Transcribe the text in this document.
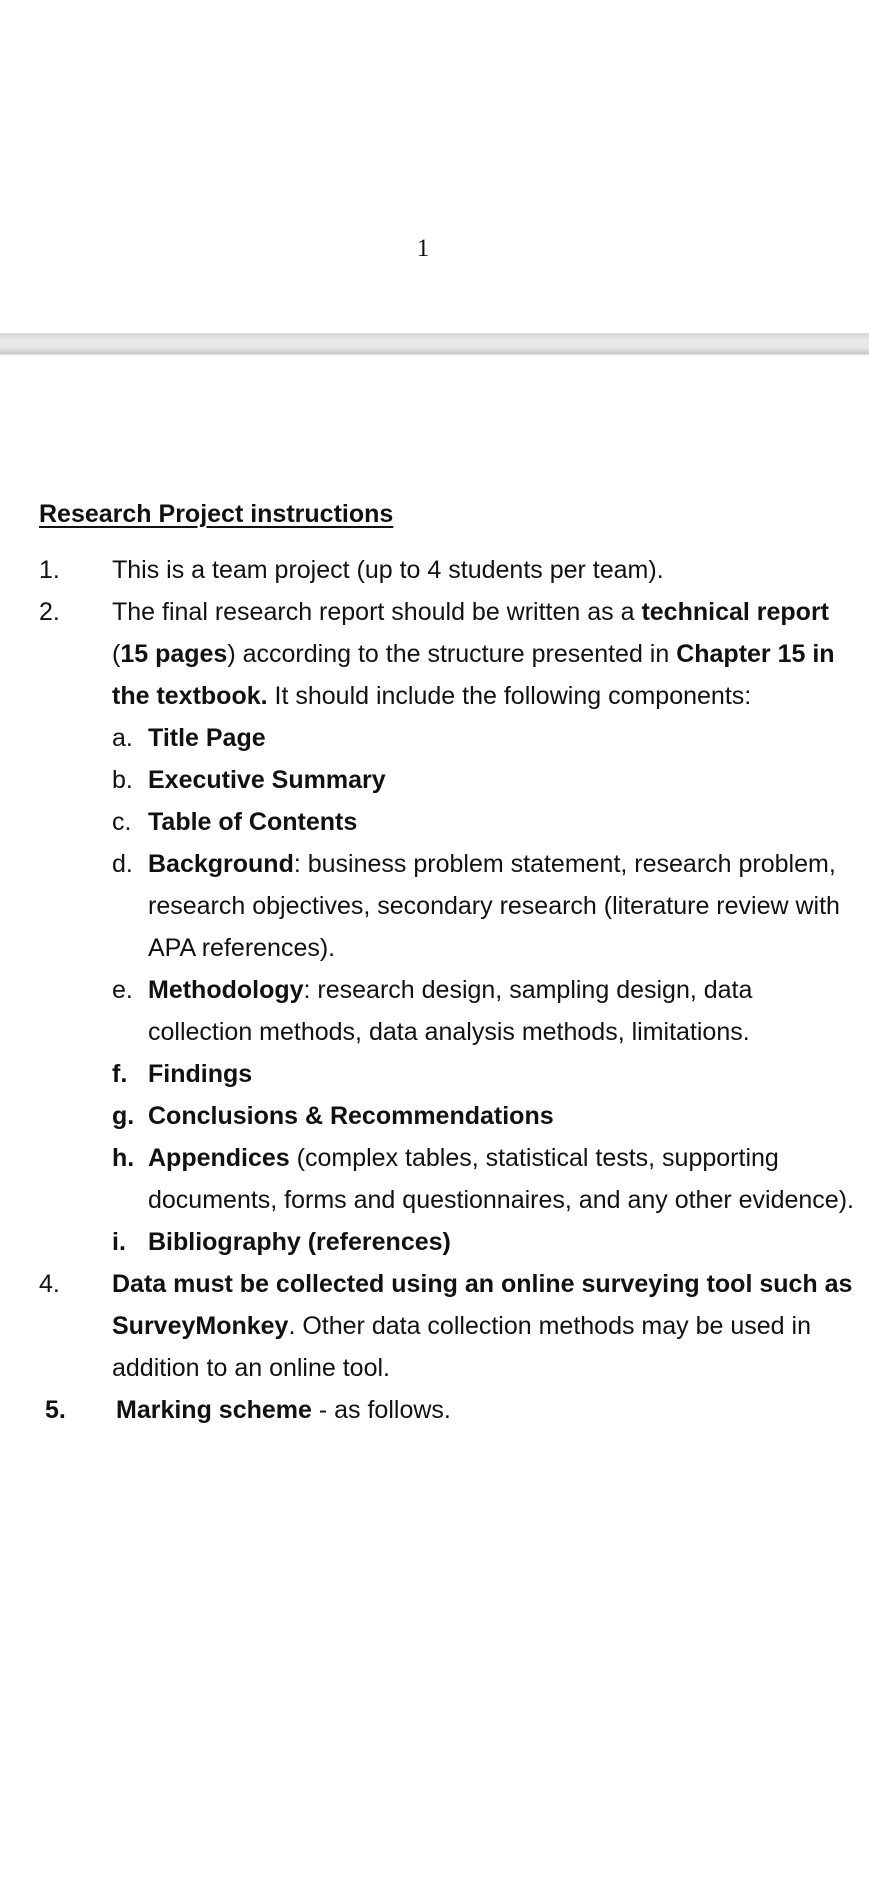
1
Research Project instructions
1. This is a team project (up to 4 students per team).
2. The final research report should be written as a technical report
(15 pages) according to the structure presented in Chapter 15 in
the textbook. It should include the following components:
a. Title Page
b. Executive Summary
c. Table of Contents
d. Background: business problem statement, research problem,
research objectives, secondary research (literature review with
APA references).
e. Methodology: research design, sampling design, data
collection methods, data analysis methods, limitations.
f. Findings
g. Conclusions & Recommendations
h. Appendices (complex tables, statistical tests, supporting
documents, forms and questionnaires, and any other evidence).
i. Bibliography (references)
4. Data must be collected using an online surveying tool such as
SurveyMonkey. Other data collection methods may be used in
addition to an online tool.
5. Marking scheme - as follows.
